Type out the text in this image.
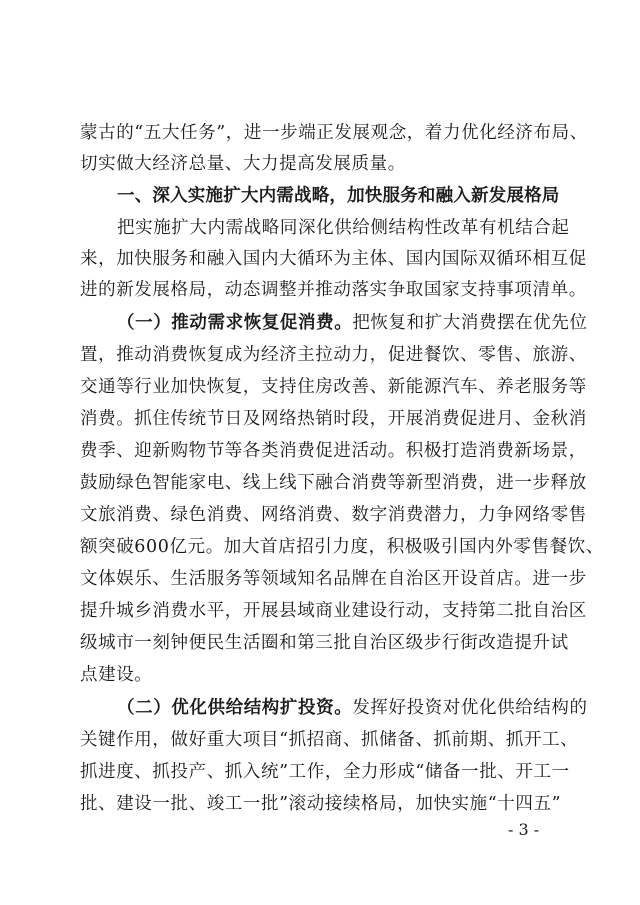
蒙古的“五大任务”，进一步端正发展观念，着力优化经济布局、
切实做大经济总量、大力提高发展质量。
一、深入实施扩大内需战略，加快服务和融入新发展格局
把实施扩大内需战略同深化供给侧结构性改革有机结合起
来，加快服务和融入国内大循环为主体、国内国际双循环相互促
进的新发展格局，动态调整并推动落实争取国家支持事项清单。
（一）推动需求恢复促消费。把恢复和扩大消费摆在优先位
置，推动消费恢复成为经济主拉动力，促进餐饮、零售、旅游、
交通等行业加快恢复，支持住房改善、新能源汽车、养老服务等
消费。抓住传统节日及网络热销时段，开展消费促进月、金秋消
费季、迎新购物节等各类消费促进活动。积极打造消费新场景，
鼓励绿色智能家电、线上线下融合消费等新型消费，进一步释放
文旅消费、绿色消费、网络消费、数字消费潜力，力争网络零售
额突破600亿元。加大首店招引力度，积极吸引国内外零售餐饮、
文体娱乐、生活服务等领域知名品牌在自治区开设首店。进一步
提升城乡消费水平，开展县域商业建设行动，支持第二批自治区
级城市一刻钟便民生活圈和第三批自治区级步行街改造提升试
点建设。
（二）优化供给结构扩投资。发挥好投资对优化供给结构的
关键作用，做好重大项目“抓招商、抓储备、抓前期、抓开工、
抓进度、抓投产、抓入统”工作，全力形成“储备一批、开工一
批、建设一批、竣工一批”滚动接续格局，加快实施“十四五”
- 3 -
